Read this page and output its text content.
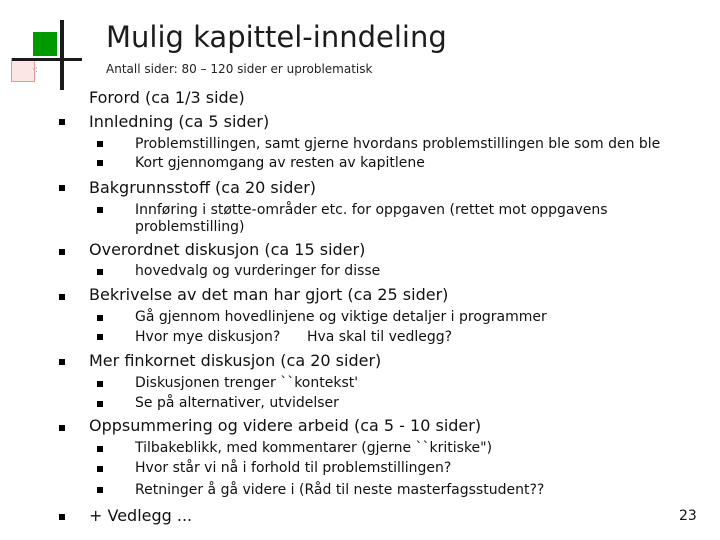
·:
Mulig kapittel-inndeling
Antall sider: 80 – 120 sider er uproblematisk
Forord (ca 1/3 side)
Innledning (ca 5 sider)
Problemstillingen, samt gjerne hvordans problemstillingen ble som den ble
Kort gjennomgang av resten av kapitlene
Bakgrunnsstoff (ca 20 sider)
Innføring i støtte-områder etc. for oppgaven (rettet mot oppgavens
problemstilling)
Overordnet diskusjon (ca 15 sider)
hovedvalg og vurderinger for disse
Bekrivelse av det man har gjort (ca 25 sider)
Gå gjennom hovedlinjene og viktige detaljer i programmer
Hvor mye diskusjon?      Hva skal til vedlegg?
Mer finkornet diskusjon (ca 20 sider)
Diskusjonen trenger ``kontekst'
Se på alternativer, utvidelser
Oppsummering og videre arbeid (ca 5 - 10 sider)
Tilbakeblikk, med kommentarer (gjerne ``kritiske")
Hvor står vi nå i forhold til problemstillingen?
Retninger å gå videre i (Råd til neste masterfagsstudent??
+ Vedlegg ...	23
